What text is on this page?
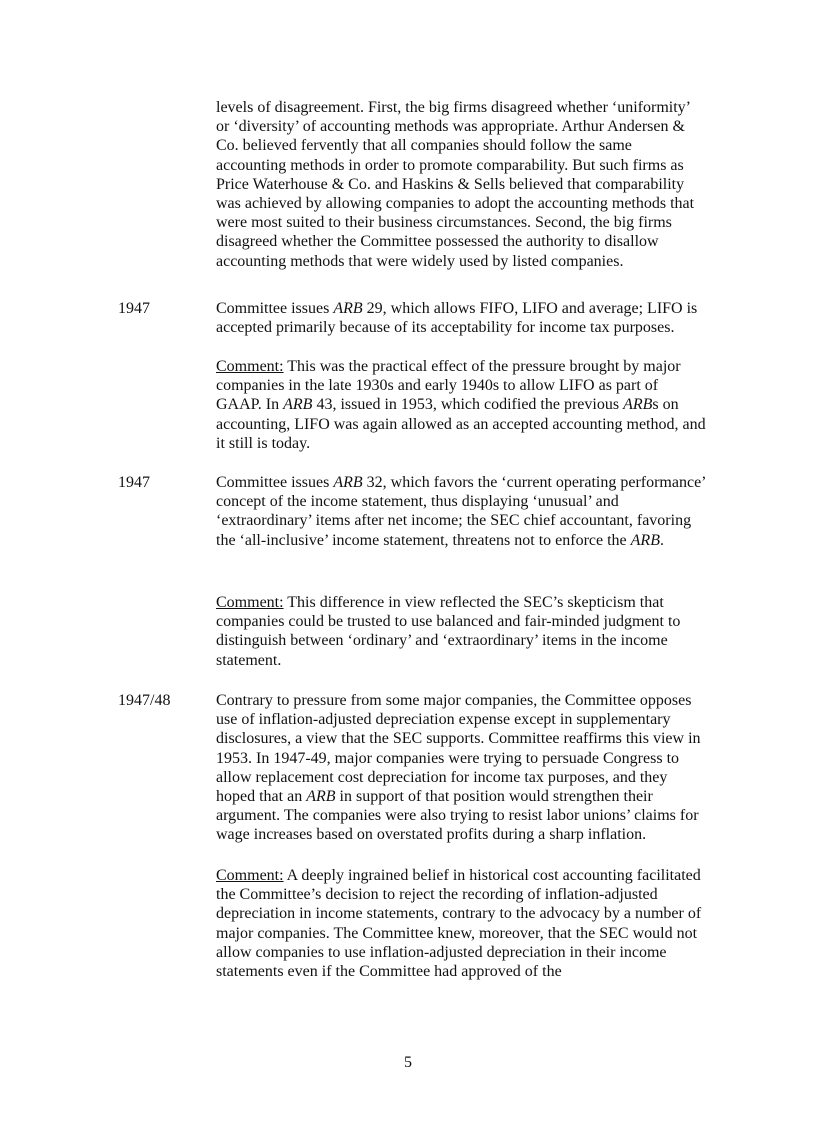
levels of disagreement. First, the big firms disagreed whether ‘uniformity’ or ‘diversity’ of accounting methods was appropriate. Arthur Andersen & Co. believed fervently that all companies should follow the same accounting methods in order to promote comparability. But such firms as Price Waterhouse & Co. and Haskins & Sells believed that comparability was achieved by allowing companies to adopt the accounting methods that were most suited to their business circumstances. Second, the big firms disagreed whether the Committee possessed the authority to disallow accounting methods that were widely used by listed companies.

1947	Committee issues ARB 29, which allows FIFO, LIFO and average; LIFO is accepted primarily because of its acceptability for income tax purposes.

Comment: This was the practical effect of the pressure brought by major companies in the late 1930s and early 1940s to allow LIFO as part of GAAP. In ARB 43, issued in 1953, which codified the previous ARBs on accounting, LIFO was again allowed as an accepted accounting method, and it still is today.

1947	Committee issues ARB 32, which favors the ‘current operating performance’ concept of the income statement, thus displaying ‘unusual’ and ‘extraordinary’ items after net income; the SEC chief accountant, favoring the ‘all-inclusive’ income statement, threatens not to enforce the ARB.

Comment: This difference in view reflected the SEC’s skepticism that companies could be trusted to use balanced and fair-minded judgment to distinguish between ‘ordinary’ and ‘extraordinary’ items in the income statement.

1947/48	Contrary to pressure from some major companies, the Committee opposes use of inflation-adjusted depreciation expense except in supplementary disclosures, a view that the SEC supports. Committee reaffirms this view in 1953. In 1947-49, major companies were trying to persuade Congress to allow replacement cost depreciation for income tax purposes, and they hoped that an ARB in support of that position would strengthen their argument. The companies were also trying to resist labor unions’ claims for wage increases based on overstated profits during a sharp inflation.

Comment: A deeply ingrained belief in historical cost accounting facilitated the Committee’s decision to reject the recording of inflation-adjusted depreciation in income statements, contrary to the advocacy by a number of major companies. The Committee knew, moreover, that the SEC would not allow companies to use inflation-adjusted depreciation in their income statements even if the Committee had approved of the

5
